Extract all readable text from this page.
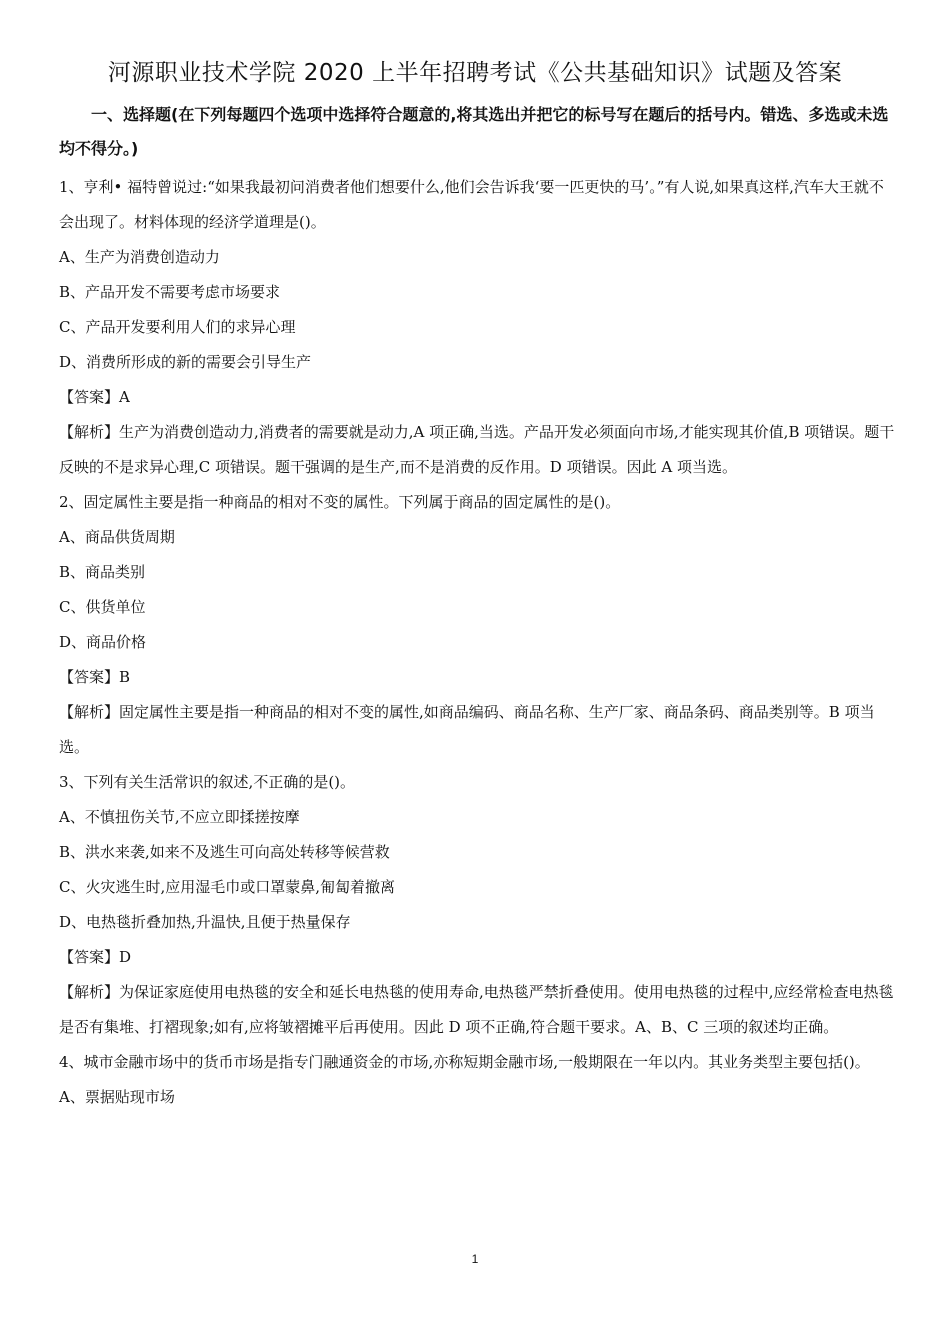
河源职业技术学院 2020 上半年招聘考试《公共基础知识》试题及答案
一、选择题(在下列每题四个选项中选择符合题意的,将其选出并把它的标号写在题后的括号内。错选、多选或未选均不得分。)

1、亨利• 福特曾说过:“如果我最初问消费者他们想要什么,他们会告诉我‘要一匹更快的马’。”有人说,如果真这样,汽车大王就不会出现了。材料体现的经济学道理是()。

A、生产为消费创造动力

B、产品开发不需要考虑市场要求

C、产品开发要利用人们的求异心理

D、消费所形成的新的需要会引导生产

【答案】A

【解析】生产为消费创造动力,消费者的需要就是动力,A 项正确,当选。产品开发必须面向市场,才能实现其价值,B 项错误。题干反映的不是求异心理,C 项错误。题干强调的是生产,而不是消费的反作用。D 项错误。因此 A 项当选。

2、固定属性主要是指一种商品的相对不变的属性。下列属于商品的固定属性的是()。

A、商品供货周期

B、商品类别

C、供货单位

D、商品价格

【答案】B

【解析】固定属性主要是指一种商品的相对不变的属性,如商品编码、商品名称、生产厂家、商品条码、商品类别等。B 项当选。

3、下列有关生活常识的叙述,不正确的是()。

A、不慎扭伤关节,不应立即揉搓按摩

B、洪水来袭,如来不及逃生可向高处转移等候营救

C、火灾逃生时,应用湿毛巾或口罩蒙鼻,匍匐着撤离

D、电热毯折叠加热,升温快,且便于热量保存

【答案】D

【解析】为保证家庭使用电热毯的安全和延长电热毯的使用寿命,电热毯严禁折叠使用。使用电热毯的过程中,应经常检查电热毯是否有集堆、打褶现象;如有,应将皱褶摊平后再使用。因此 D 项不正确,符合题干要求。A、B、C 三项的叙述均正确。

4、城市金融市场中的货币市场是指专门融通资金的市场,亦称短期金融市场,一般期限在一年以内。其业务类型主要包括()。

A、票据贴现市场

1
